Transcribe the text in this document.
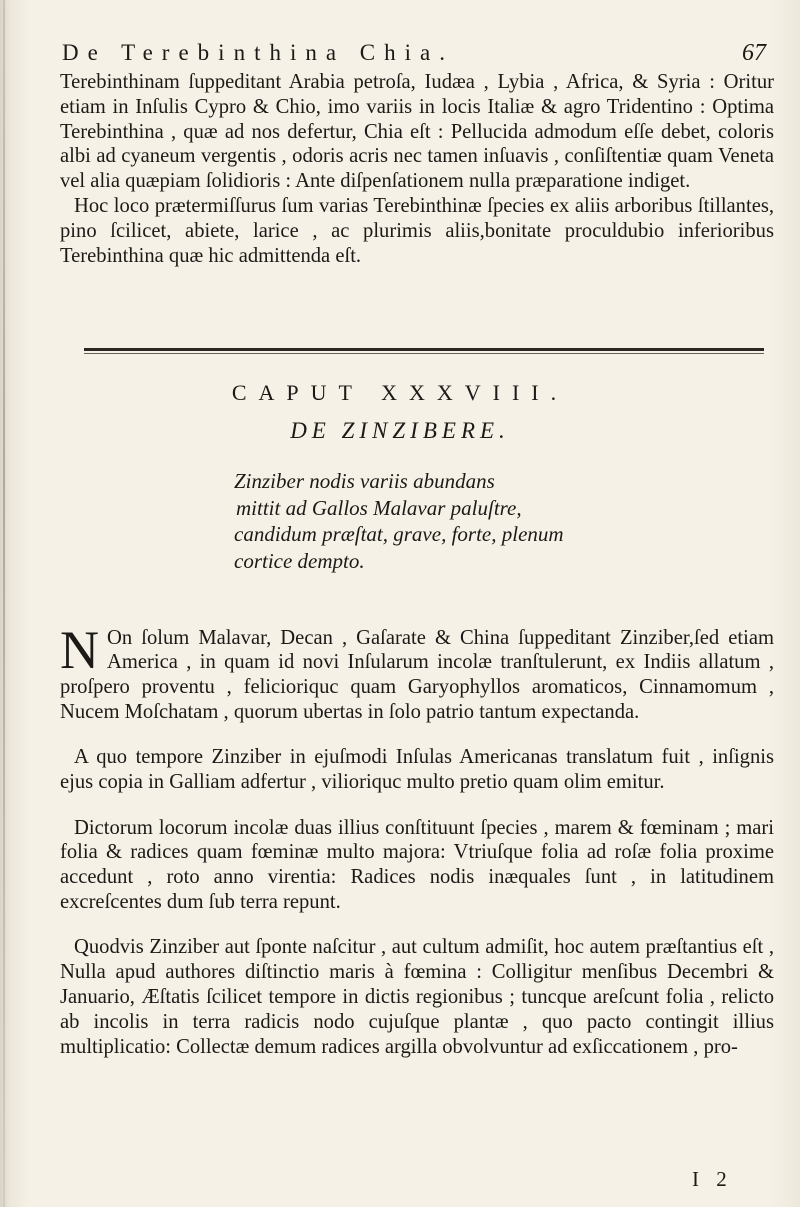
De Terebinthina Chia.	67

Terebinthinam ſuppeditant Arabia petroſa, Iudæa , Lybia , Africa, & Syria : Oritur etiam in Inſulis Cypro & Chio, imo variis in locis Italiæ & agro Tridentino : Optima Terebinthina , quæ ad nos defertur, Chia eſt : Pellucida admodum eſſe debet, coloris albi ad cyaneum vergentis , odoris acris nec tamen inſuavis , conſiſtentiæ quam Veneta vel alia quæpiam ſolidioris : Ante diſpenſationem nulla præparatione indiget.

Hoc loco prætermiſſurus ſum varias Terebinthinæ ſpecies ex aliis arboribus ſtillantes, pino ſcilicet, abiete, larice , ac plurimis aliis,bonitate proculdubio inferioribus Terebinthina quæ hic admittenda eſt.

CAPUT XXXVIII.
DE ZINZIBERE.
Zinziber nodis variis abundans
mittit ad Gallos Malavar paluſtre,
candidum præſtat, grave, forte, plenum
cortice dempto.

N On ſolum Malavar, Decan , Gaſarate & China ſuppeditant Zinziber,ſed etiam America , in quam id novi Inſularum incolæ tranſtulerunt, ex Indiis allatum , proſpero proventu , felicioriquc quam Garyophyllos aromaticos, Cinnamomum , Nucem Moſchatam , quorum ubertas in ſolo patrio tantum expectanda.

A quo tempore Zinziber in ejuſmodi Inſulas Americanas translatum fuit , inſignis ejus copia in Galliam adfertur , vilioriquc multo pretio quam olim emitur.

Dictorum locorum incolæ duas illius conſtituunt ſpecies , marem & fœminam ; mari folia & radices quam fœminæ multo majora: Vtriuſque folia ad roſæ folia proxime accedunt , roto anno virentia: Radices nodis inæquales ſunt , in latitudinem excreſcentes dum ſub terra repunt.

Quodvis Zinziber aut ſponte naſcitur , aut cultum admiſit, hoc autem præſtantius eſt , Nulla apud authores diſtinctio maris à fœmina : Colligitur menſibus Decembri & Januario, Æſtatis ſcilicet tempore in dictis regionibus ; tuncque areſcunt folia , relicto ab incolis in terra radicis nodo cujuſque plantæ , quo pacto contingit illius multiplicatio: Collectæ demum radices argilla obvolvuntur ad exſiccationem , pro-

I 2
